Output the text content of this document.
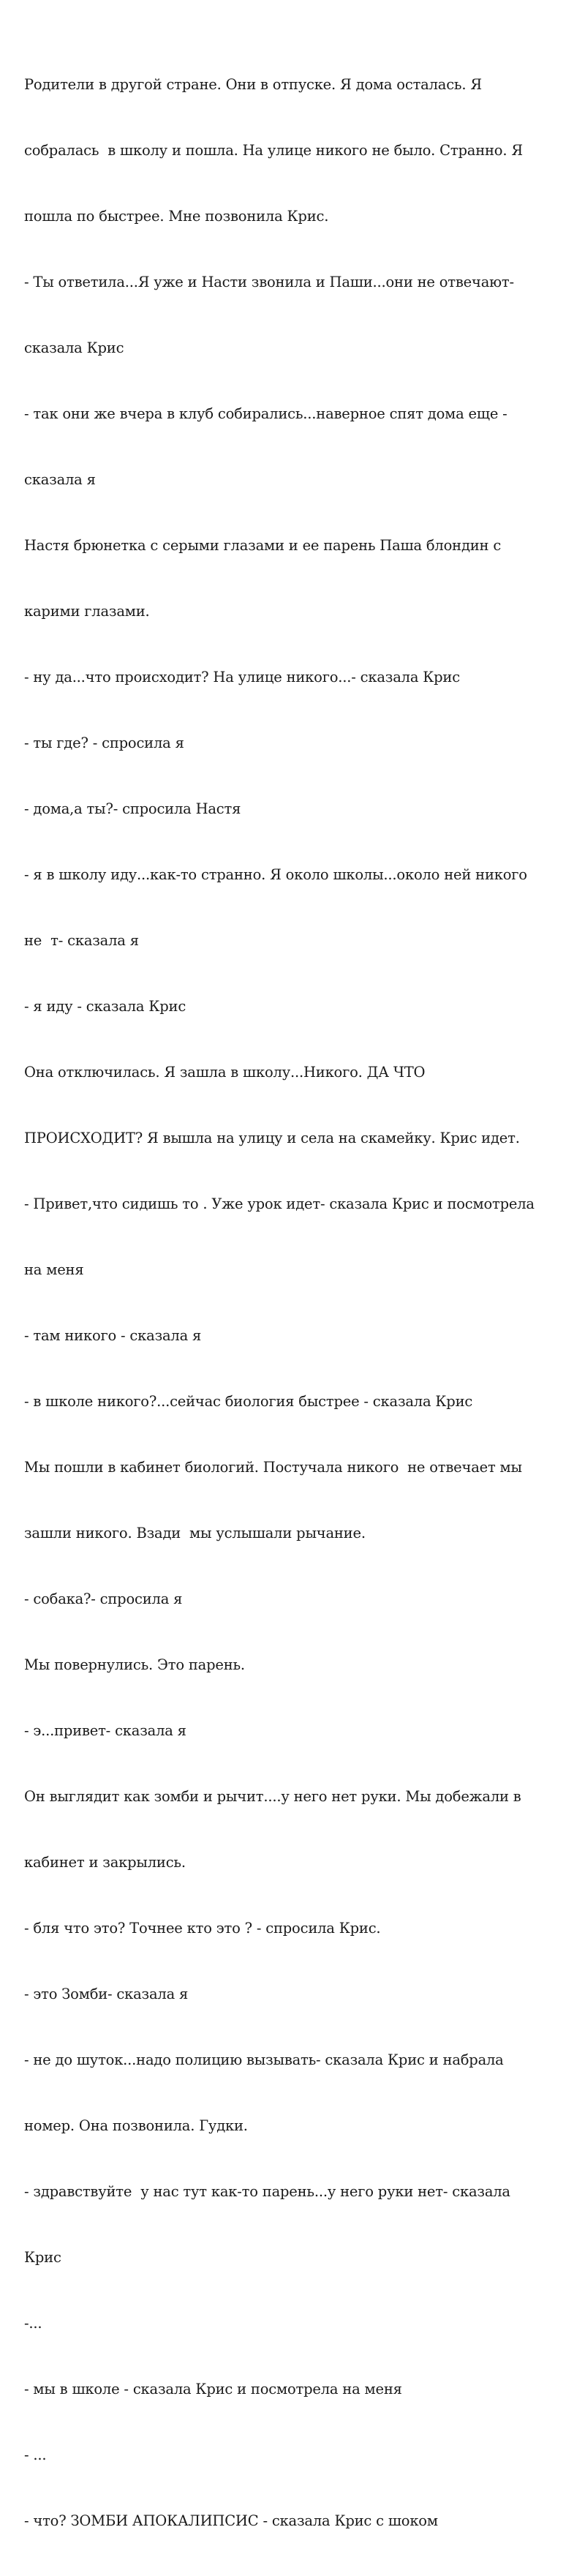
Родители в другой стране. Они в отпуске. Я дома осталась. Я

собралась  в школу и пошла. На улице никого не было. Странно. Я

пошла по быстрее. Мне позвонила Крис.

- Ты ответила...Я уже и Насти звонила и Паши...они не отвечают-

сказала Крис

- так они же вчера в клуб собирались...наверное спят дома еще -

сказала я

Настя брюнетка с серыми глазами и ее парень Паша блондин с

карими глазами.

- ну да...что происходит? На улице никого...- сказала Крис

- ты где? - спросила я

- дома,а ты?- спросила Настя

- я в школу иду...как-то странно. Я около школы...около ней никого

не  т- сказала я

- я иду - сказала Крис

Она отключилась. Я зашла в школу...Никого. ДА ЧТО

ПРОИСХОДИТ? Я вышла на улицу и села на скамейку. Крис идет.

- Привет,что сидишь то . Уже урок идет- сказала Крис и посмотрела

на меня

- там никого - сказала я

- в школе никого?...сейчас биология быстрее - сказала Крис

Мы пошли в кабинет биологий. Постучала никого  не отвечает мы

зашли никого. Взади  мы услышали рычание.

- собака?- спросила я

Мы повернулись. Это парень.

- э...привет- сказала я

Он выглядит как зомби и рычит....у него нет руки. Мы добежали в

кабинет и закрылись.

- бля что это? Точнее кто это ? - спросила Крис.

- это Зомби- сказала я

- не до шуток...надо полицию вызывать- сказала Крис и набрала

номер. Она позвонила. Гудки.

- здравствуйте  у нас тут как-то парень...у него руки нет- сказала

Крис

-...

- мы в школе - сказала Крис и посмотрела на меня

- ...

- что? ЗОМБИ АПОКАЛИПСИС - сказала Крис с шоком
